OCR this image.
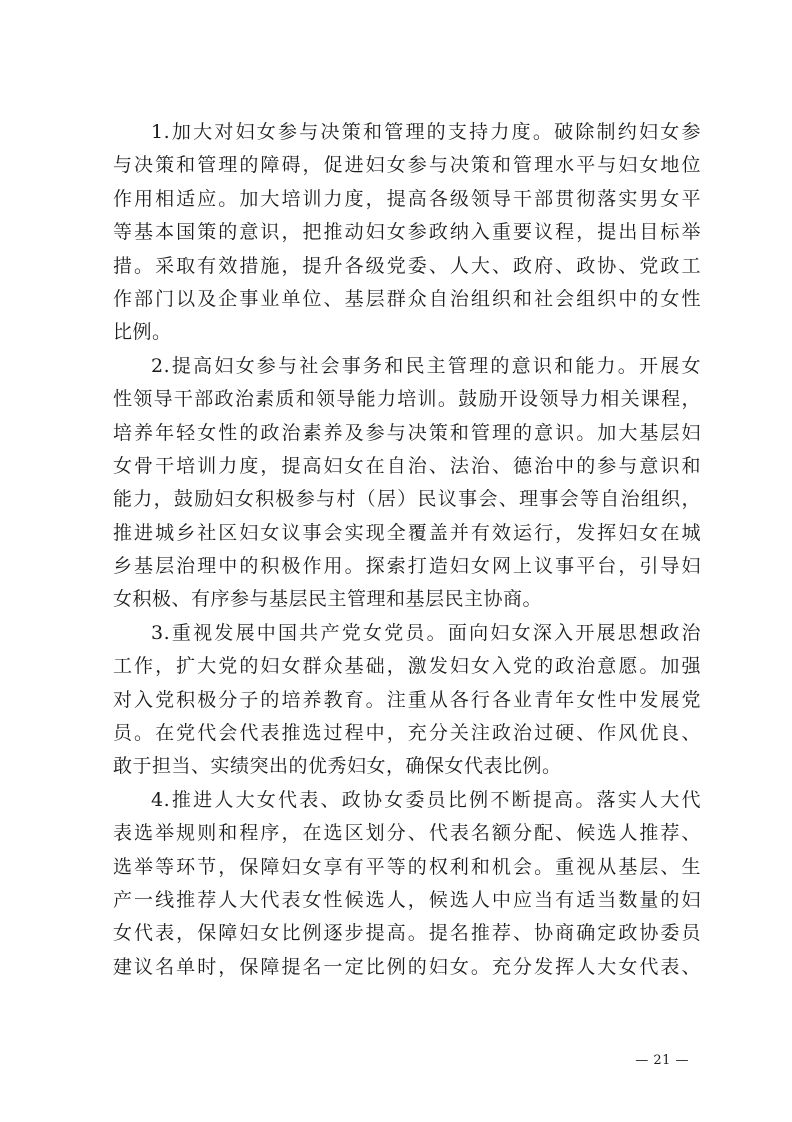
1.加大对妇女参与决策和管理的支持力度。破除制约妇女参
与决策和管理的障碍，促进妇女参与决策和管理水平与妇女地位
作用相适应。加大培训力度，提高各级领导干部贯彻落实男女平
等基本国策的意识，把推动妇女参政纳入重要议程，提出目标举
措。采取有效措施，提升各级党委、人大、政府、政协、党政工
作部门以及企事业单位、基层群众自治组织和社会组织中的女性
比例。
2.提高妇女参与社会事务和民主管理的意识和能力。开展女
性领导干部政治素质和领导能力培训。鼓励开设领导力相关课程，
培养年轻女性的政治素养及参与决策和管理的意识。加大基层妇
女骨干培训力度，提高妇女在自治、法治、德治中的参与意识和
能力，鼓励妇女积极参与村（居）民议事会、理事会等自治组织，
推进城乡社区妇女议事会实现全覆盖并有效运行，发挥妇女在城
乡基层治理中的积极作用。探索打造妇女网上议事平台，引导妇
女积极、有序参与基层民主管理和基层民主协商。
3.重视发展中国共产党女党员。面向妇女深入开展思想政治
工作，扩大党的妇女群众基础，激发妇女入党的政治意愿。加强
对入党积极分子的培养教育。注重从各行各业青年女性中发展党
员。在党代会代表推选过程中，充分关注政治过硬、作风优良、
敢于担当、实绩突出的优秀妇女，确保女代表比例。
4.推进人大女代表、政协女委员比例不断提高。落实人大代
表选举规则和程序，在选区划分、代表名额分配、候选人推荐、
选举等环节，保障妇女享有平等的权利和机会。重视从基层、生
产一线推荐人大代表女性候选人，候选人中应当有适当数量的妇
女代表，保障妇女比例逐步提高。提名推荐、协商确定政协委员
建议名单时，保障提名一定比例的妇女。充分发挥人大女代表、
— 21 —
